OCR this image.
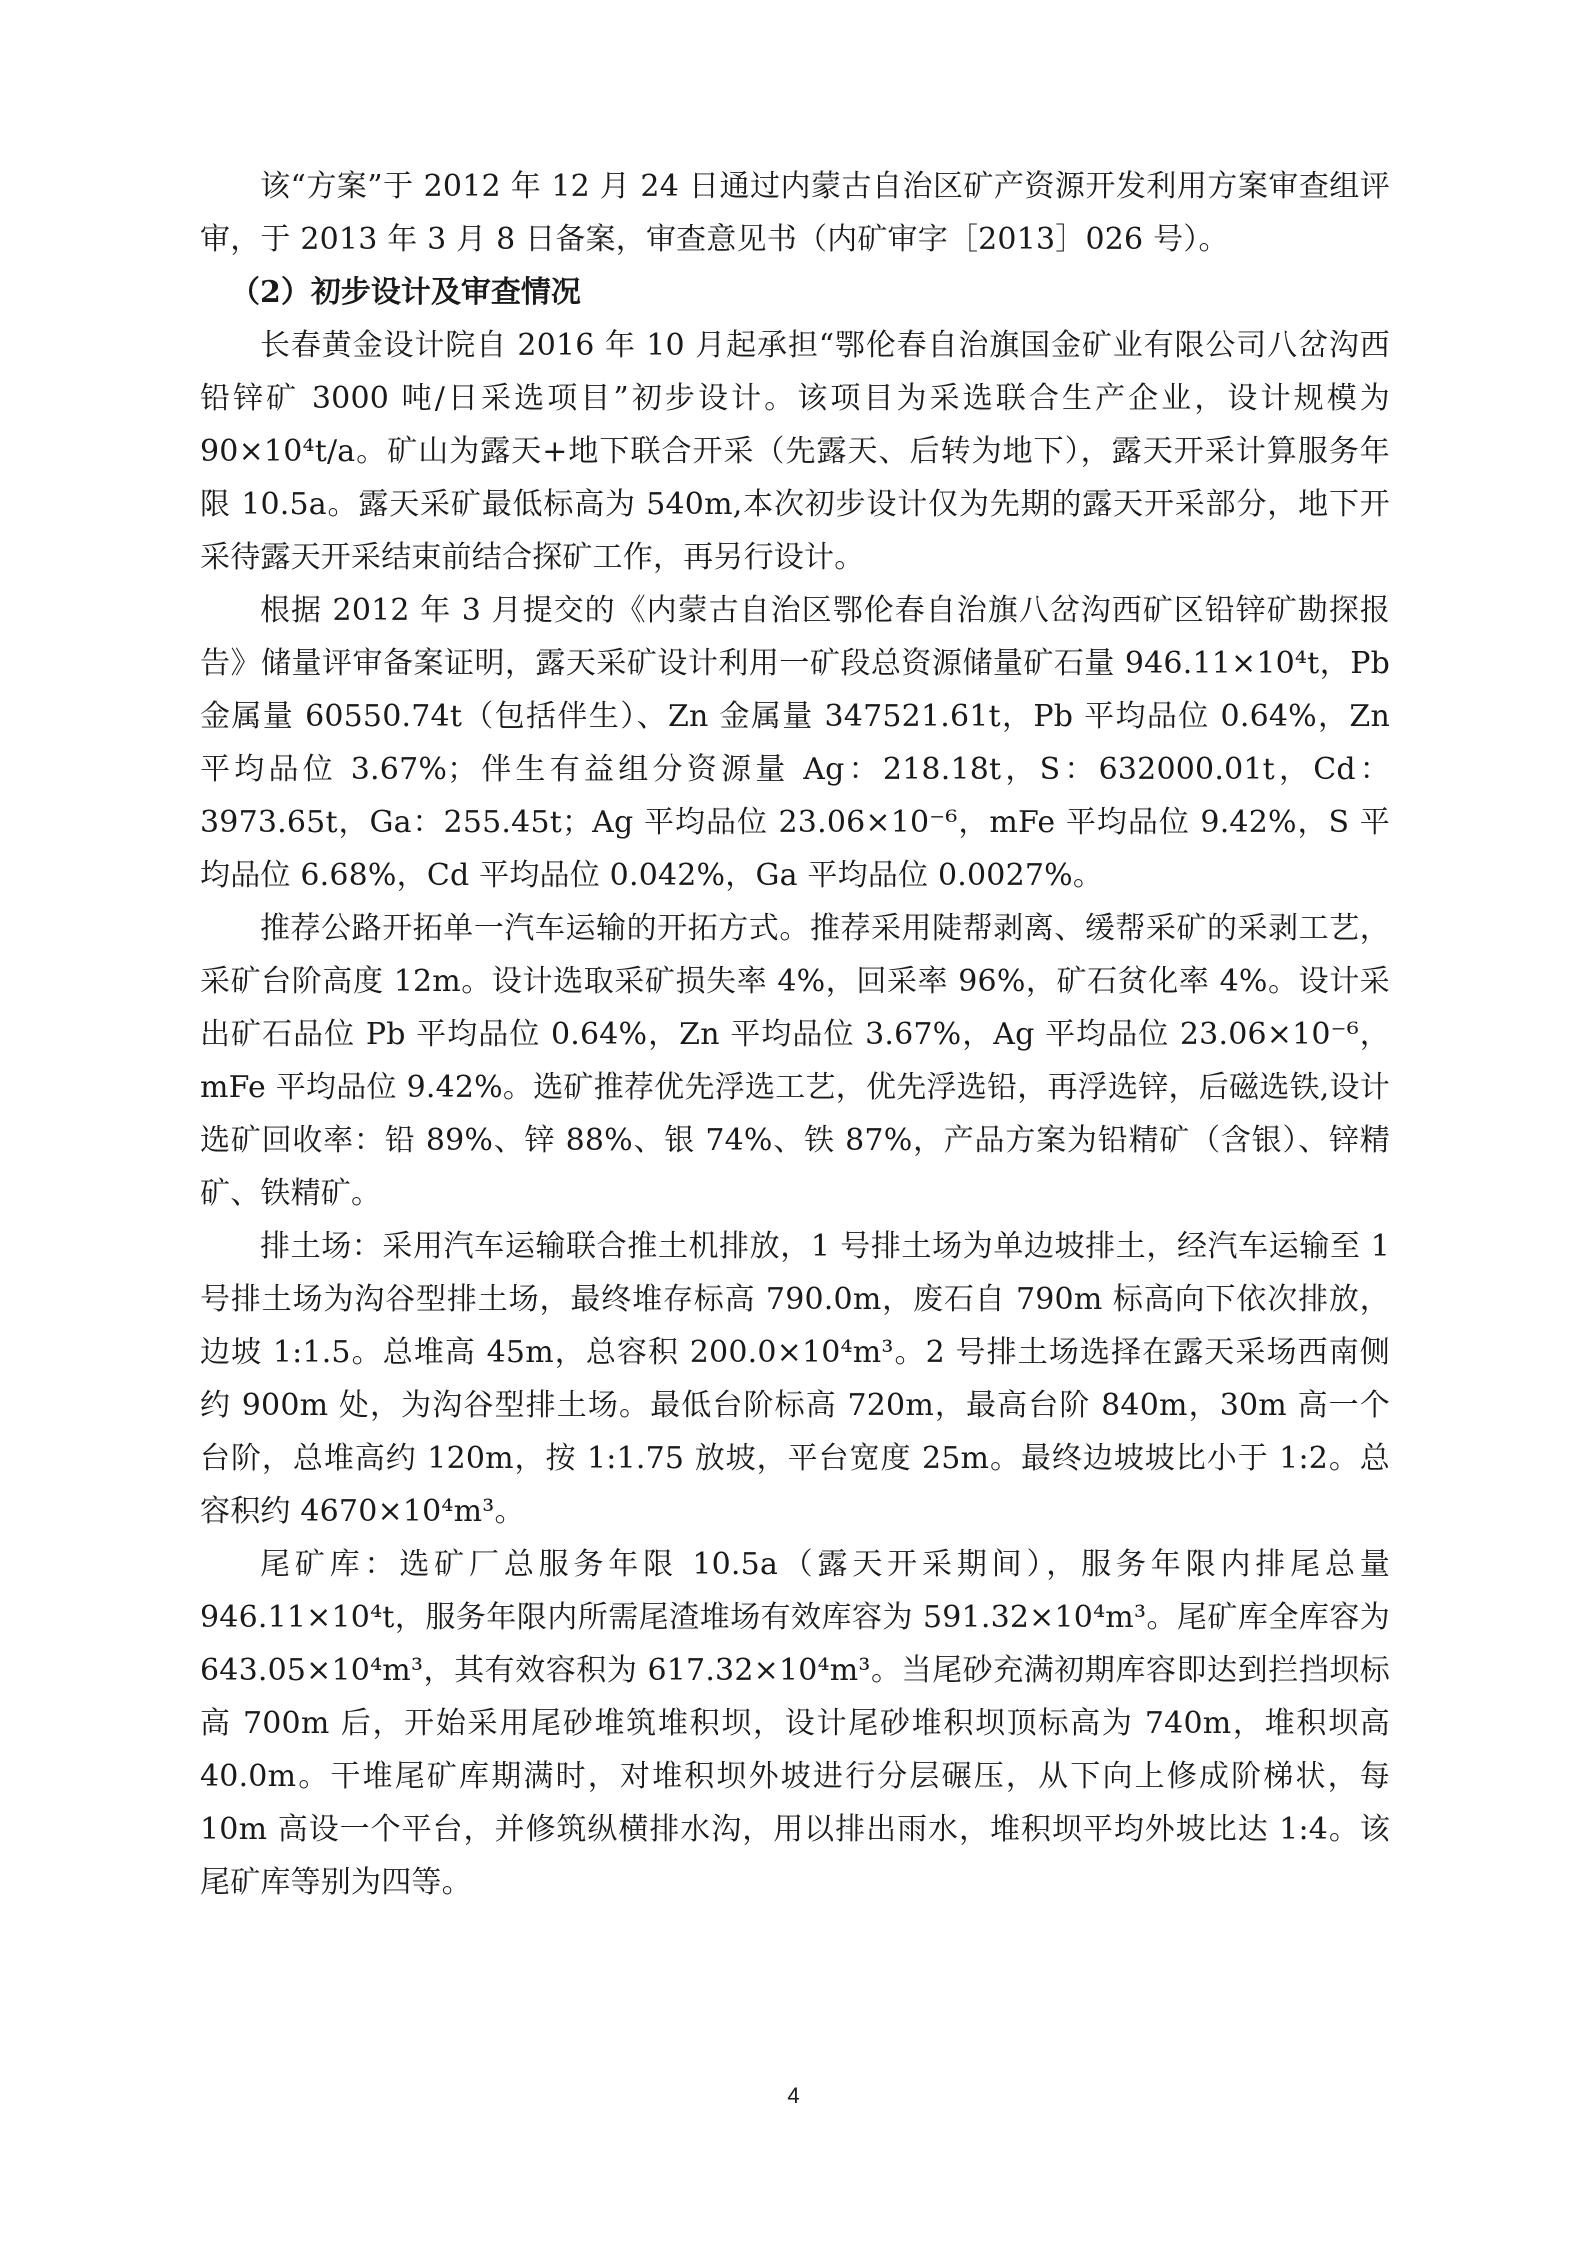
该“方案”于 2012 年 12 月 24 日通过内蒙古自治区矿产资源开发利用方案审查组评审，于 2013 年 3 月 8 日备案，审查意见书（内矿审字［2013］026 号）。

（2）初步设计及审查情况

长春黄金设计院自 2016 年 10 月起承担“鄂伦春自治旗国金矿业有限公司八岔沟西铅锌矿 3000 吨/日采选项目”初步设计。该项目为采选联合生产企业，设计规模为 90×10⁴t/a。矿山为露天+地下联合开采（先露天、后转为地下），露天开采计算服务年限 10.5a。露天采矿最低标高为 540m,本次初步设计仅为先期的露天开采部分，地下开采待露天开采结束前结合探矿工作，再另行设计。

根据 2012 年 3 月提交的《内蒙古自治区鄂伦春自治旗八岔沟西矿区铅锌矿勘探报告》储量评审备案证明，露天采矿设计利用一矿段总资源储量矿石量 946.11×10⁴t，Pb 金属量 60550.74t（包括伴生）、Zn 金属量 347521.61t，Pb 平均品位 0.64%，Zn 平均品位 3.67%；伴生有益组分资源量 Ag：218.18t，S：632000.01t，Cd：3973.65t，Ga：255.45t；Ag 平均品位 23.06×10⁻⁶，mFe 平均品位 9.42%，S 平均品位 6.68%，Cd 平均品位 0.042%，Ga 平均品位 0.0027%。

推荐公路开拓单一汽车运输的开拓方式。推荐采用陡帮剥离、缓帮采矿的采剥工艺，采矿台阶高度 12m。设计选取采矿损失率 4%，回采率 96%，矿石贫化率 4%。设计采出矿石品位 Pb 平均品位 0.64%，Zn 平均品位 3.67%，Ag 平均品位 23.06×10⁻⁶，mFe 平均品位 9.42%。选矿推荐优先浮选工艺，优先浮选铅，再浮选锌，后磁选铁,设计选矿回收率：铅 89%、锌 88%、银 74%、铁 87%，产品方案为铅精矿（含银）、锌精矿、铁精矿。

排土场：采用汽车运输联合推土机排放，1 号排土场为单边坡排土，经汽车运输至 1 号排土场为沟谷型排土场，最终堆存标高 790.0m，废石自 790m 标高向下依次排放，边坡 1:1.5。总堆高 45m，总容积 200.0×10⁴m³。2 号排土场选择在露天采场西南侧约 900m 处，为沟谷型排土场。最低台阶标高 720m，最高台阶 840m，30m 高一个台阶，总堆高约 120m，按 1:1.75 放坡，平台宽度 25m。最终边坡坡比小于 1:2。总容积约 4670×10⁴m³。

尾矿库：选矿厂总服务年限 10.5a（露天开采期间），服务年限内排尾总量 946.11×10⁴t，服务年限内所需尾渣堆场有效库容为 591.32×10⁴m³。尾矿库全库容为 643.05×10⁴m³，其有效容积为 617.32×10⁴m³。当尾砂充满初期库容即达到拦挡坝标高 700m 后，开始采用尾砂堆筑堆积坝，设计尾砂堆积坝顶标高为 740m，堆积坝高 40.0m。干堆尾矿库期满时，对堆积坝外坡进行分层碾压，从下向上修成阶梯状，每 10m 高设一个平台，并修筑纵横排水沟，用以排出雨水，堆积坝平均外坡比达 1:4。该尾矿库等别为四等。

4
